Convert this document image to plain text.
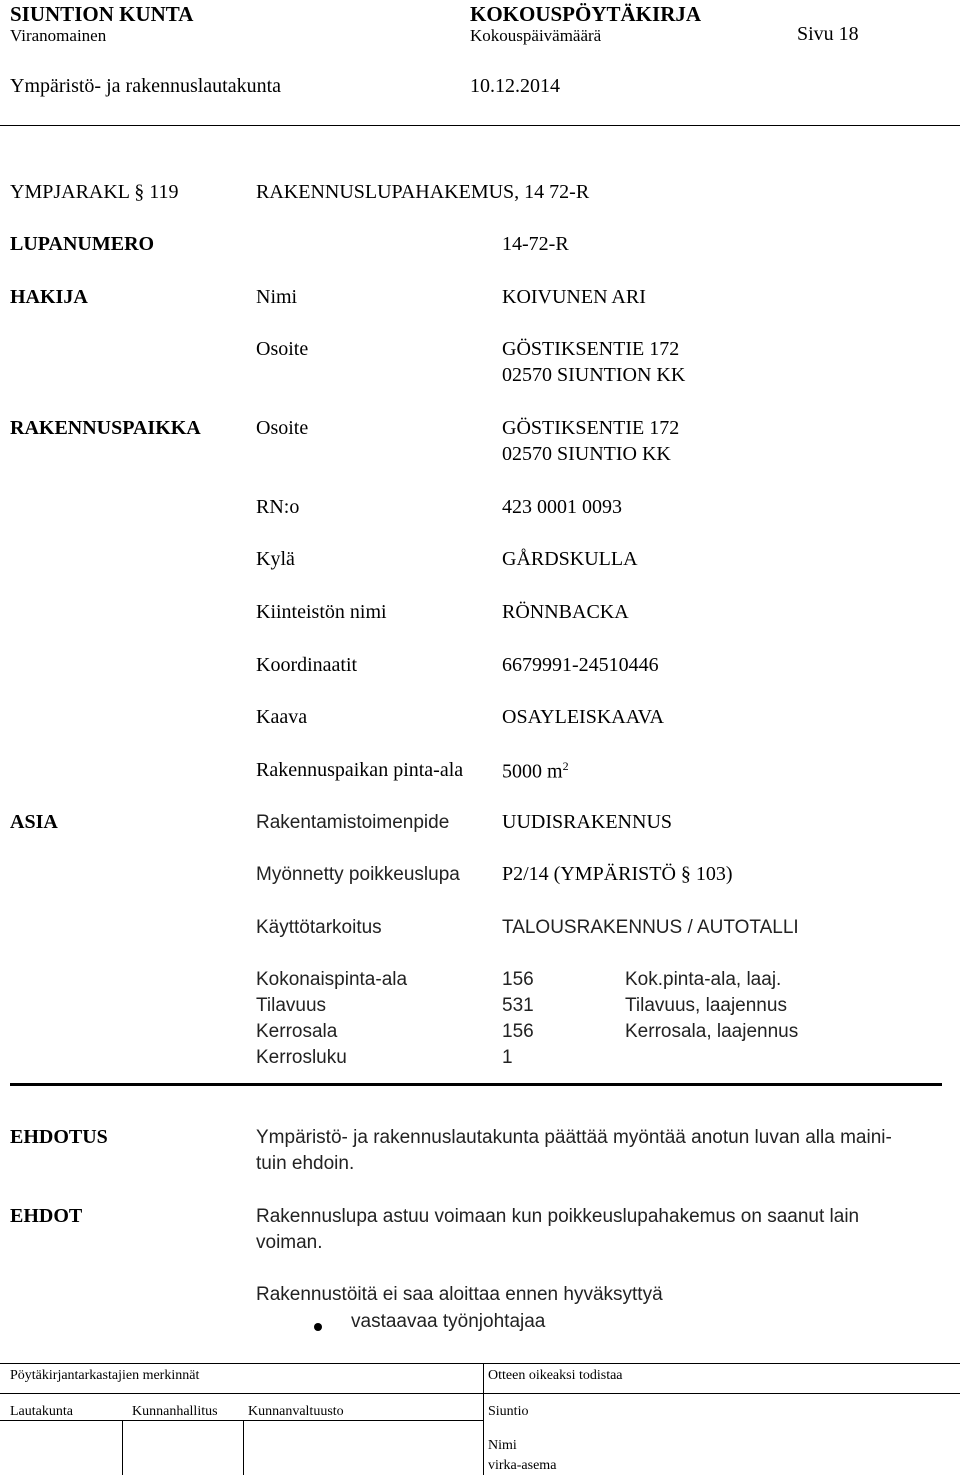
SIUNTION KUNTA	KOKOUSPÖYTÄKIRJA
Viranomainen	Kokouspäivämäärä	Sivu 18
Ympäristö- ja rakennuslautakunta	10.12.2014
YMPJARAKL § 119	RAKENNUSLUPAHAKEMUS, 14 72-R
LUPANUMERO	14-72-R
HAKIJA	Nimi	KOIVUNEN ARI
Osoite	GÖSTIKSENTIE 172
02570 SIUNTION KK
RAKENNUSPAIKKA	Osoite	GÖSTIKSENTIE 172
02570 SIUNTIO KK
RN:o	423 0001 0093
Kylä	GÅRDSKULLA
Kiinteistön nimi	RÖNNBACKA
Koordinaatit	6679991-24510446
Kaava	OSAYLEISKAAVA
Rakennuspaikan pinta-ala 5000 $m^2$
ASIA	Rakentamistoimenpide	UUDISRAKENNUS
Myönnetty poikkeuslupa P2/14 (YMPÄRISTÖ § 103)
Käyttötarkoitus	TALOUSRAKENNUS / AUTOTALLI
Kokonaispinta-ala	156	Kok.pinta-ala, laaj.
Tilavuus	531	Tilavuus, laajennus
Kerrosala	156	Kerrosala, laajennus
Kerrosluku	1
EHDOTUS	Ympäristö- ja rakennuslautakunta päättää myöntää anotun luvan alla maini-
tuin ehdoin.
EHDOT	Rakennuslupa astuu voimaan kun poikkeuslupahakemus on saanut lain
voiman.
Rakennustöitä ei saa aloittaa ennen hyväksyttyä
vastaavaa työnjohtajaa
Pöytäkirjantarkastajien merkinnät	Otteen oikeaksi todistaa
Lautakunta	Kunnanhallitus Kunnanvaltuusto	Siuntio
Nimi
virka-asema
